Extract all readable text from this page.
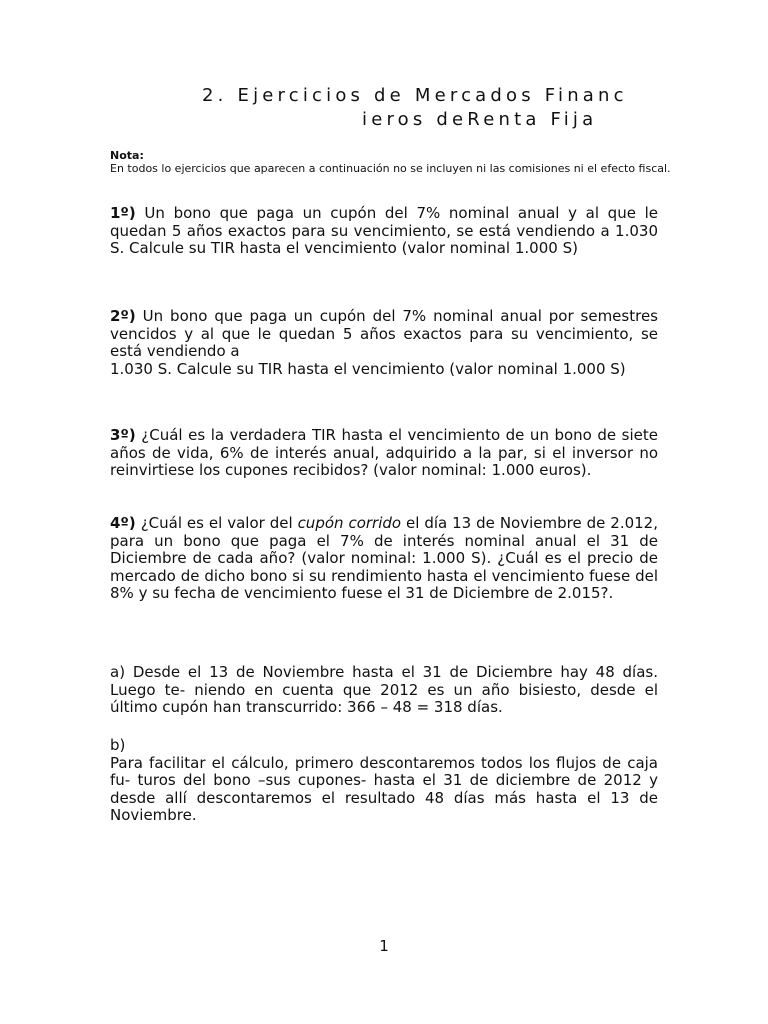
2. Ejercicios de Mercados Financ
ieros deRenta Fija
Nota:
En todos lo ejercicios que aparecen a continuación no se incluyen ni las comisiones ni el efecto fiscal.
1º) Un bono que paga un cupón del 7% nominal anual y al que le quedan 5 años exactos para su vencimiento, se está vendiendo a 1.030 S. Calcule su TIR hasta el vencimiento (valor nominal 1.000 S)
2º) Un bono que paga un cupón del 7% nominal anual por semestres vencidos y al que le quedan 5 años exactos para su vencimiento, se está vendiendo a
1.030 S. Calcule su TIR hasta el vencimiento (valor nominal 1.000 S)
3º) ¿Cuál es la verdadera TIR hasta el vencimiento de un bono de siete años de vida, 6% de interés anual, adquirido a la par, si el inversor no reinvirtiese los cupones recibidos? (valor nominal: 1.000 euros).
4º) ¿Cuál es el valor del cupón corrido el día 13 de Noviembre de 2.012, para un bono que paga el 7% de interés nominal anual el 31 de Diciembre de cada año? (valor nominal: 1.000 S). ¿Cuál es el precio de mercado de dicho bono si su rendimiento hasta el vencimiento fuese del 8% y su fecha de vencimiento fuese el 31 de Diciembre de 2.015?.
a) Desde el 13 de Noviembre hasta el 31 de Diciembre hay 48 días. Luego te- niendo en cuenta que 2012 es un año bisiesto, desde el último cupón han transcurrido: 366 – 48 = 318 días.
b)
Para facilitar el cálculo, primero descontaremos todos los flujos de caja fu- turos del bono –sus cupones- hasta el 31 de diciembre de 2012 y desde allí descontaremos el resultado 48 días más hasta el 13 de Noviembre.
1
